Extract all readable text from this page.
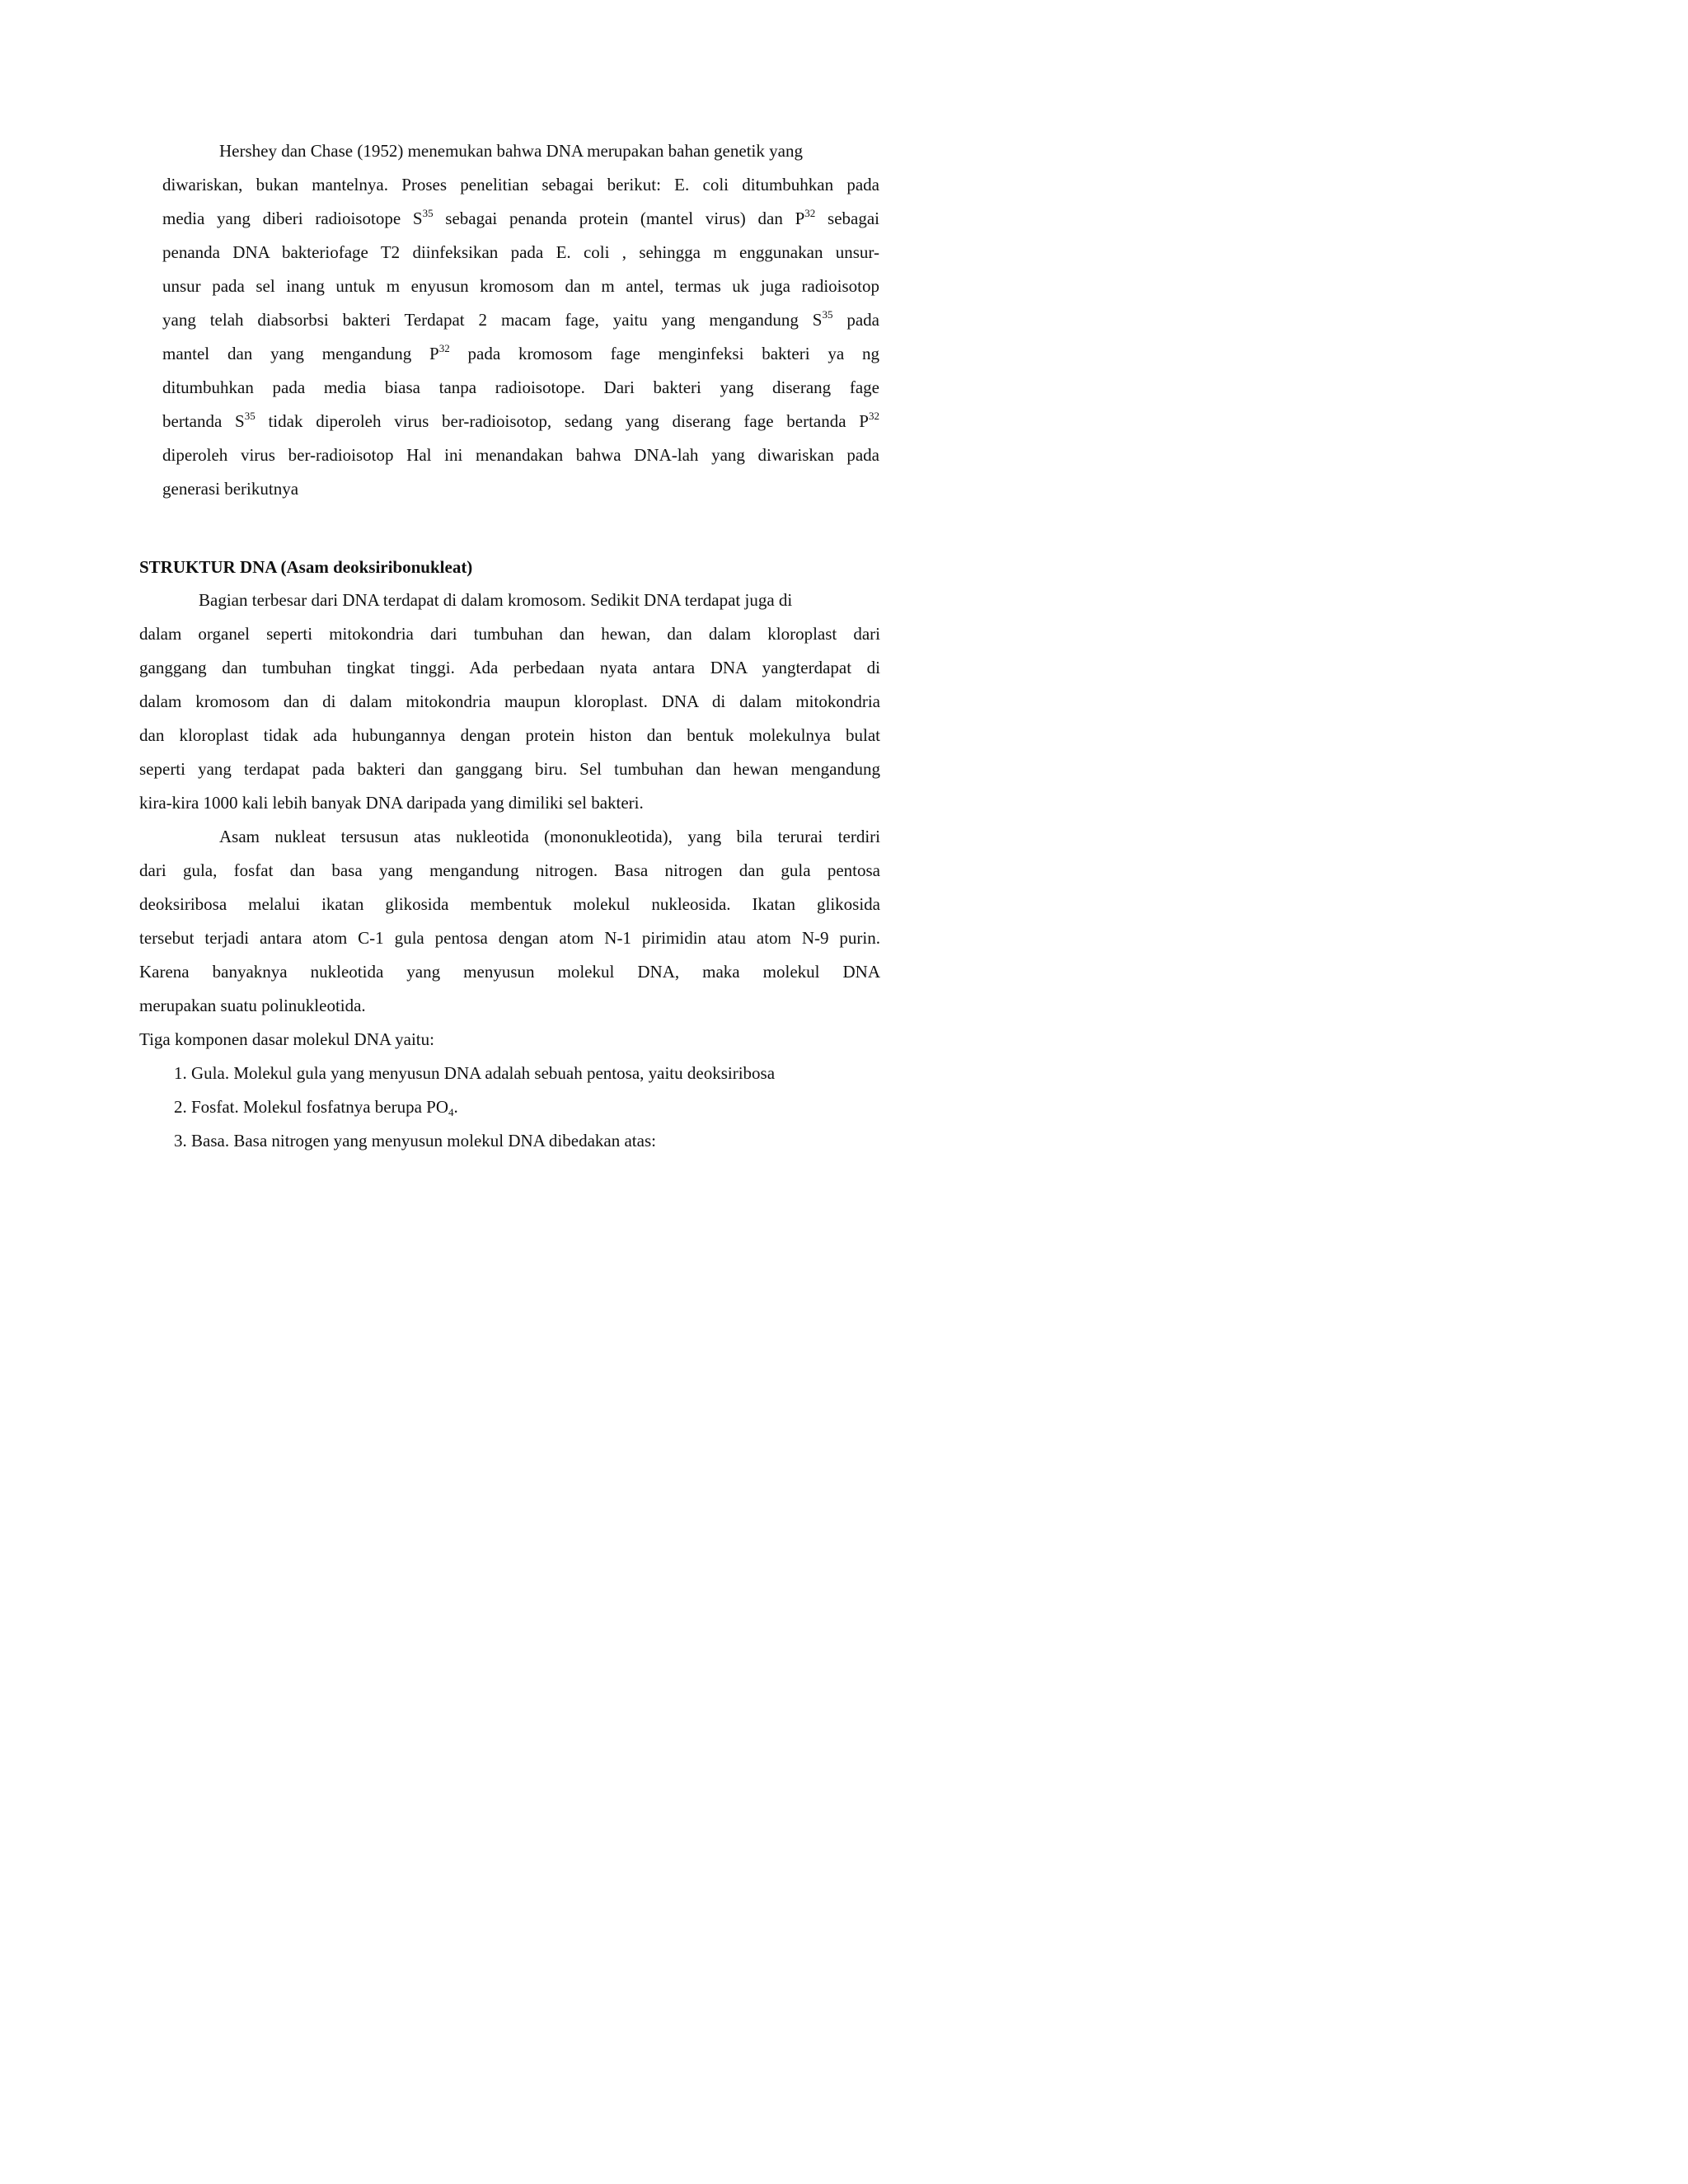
Hershey dan Chase (1952) menemukan bahwa DNA merupakan bahan genetik yang

diwariskan, bukan mantelnya. Proses penelitian sebagai berikut: E. coli ditumbuhkan pada

media yang diberi radioisotope $S^{35}$ sebagai penanda protein (mantel virus) dan $P^{32}$ sebagai

penanda DNA bakteriofage T2 diinfeksikan pada E. coli , sehingga m enggunakan unsur-

unsur pada sel inang untuk m enyusun kromosom dan m antel, termas uk juga radioisotop

yang telah diabsorbsi bakteri Terdapat 2 macam fage, yaitu yang mengandung $S^{35}$ pada

mantel dan yang mengandung $P^{32}$ pada kromosom fage menginfeksi bakteri ya ng

ditumbuhkan pada media biasa tanpa radioisotope. Dari bakteri yang diserang fage

bertanda $S^{35}$ tidak diperoleh virus ber-radioisotop, sedang yang diserang fage bertanda $P^{32}$

diperoleh virus ber-radioisotop Hal ini menandakan bahwa DNA-lah yang diwariskan pada

generasi berikutnya

STRUKTUR DNA (Asam deoksiribonukleat)

Bagian terbesar dari DNA terdapat di dalam kromosom. Sedikit DNA terdapat juga di

dalam organel seperti mitokondria dari tumbuhan dan hewan, dan dalam kloroplast dari

ganggang dan tumbuhan tingkat tinggi. Ada perbedaan nyata antara DNA yangterdapat di

dalam kromosom dan di dalam mitokondria maupun kloroplast. DNA di dalam mitokondria

dan kloroplast tidak ada hubungannya dengan protein histon dan bentuk molekulnya bulat

seperti yang terdapat pada bakteri dan ganggang biru. Sel tumbuhan dan hewan mengandung

kira-kira 1000 kali lebih banyak DNA daripada yang dimiliki sel bakteri.

Asam nukleat tersusun atas nukleotida (mononukleotida), yang bila terurai terdiri

dari gula, fosfat dan basa yang mengandung nitrogen. Basa nitrogen dan gula pentosa

deoksiribosa melalui ikatan glikosida membentuk molekul nukleosida. Ikatan glikosida

tersebut terjadi antara atom C-1 gula pentosa dengan atom N-1 pirimidin atau atom N-9 purin.

Karena banyaknya nukleotida yang menyusun molekul DNA, maka molekul DNA

merupakan suatu polinukleotida.

Tiga komponen dasar molekul DNA yaitu:

1. Gula. Molekul gula yang menyusun DNA adalah sebuah pentosa, yaitu deoksiribosa

2. Fosfat. Molekul fosfatnya berupa $PO_4$.

3. Basa. Basa nitrogen yang menyusun molekul DNA dibedakan atas:
